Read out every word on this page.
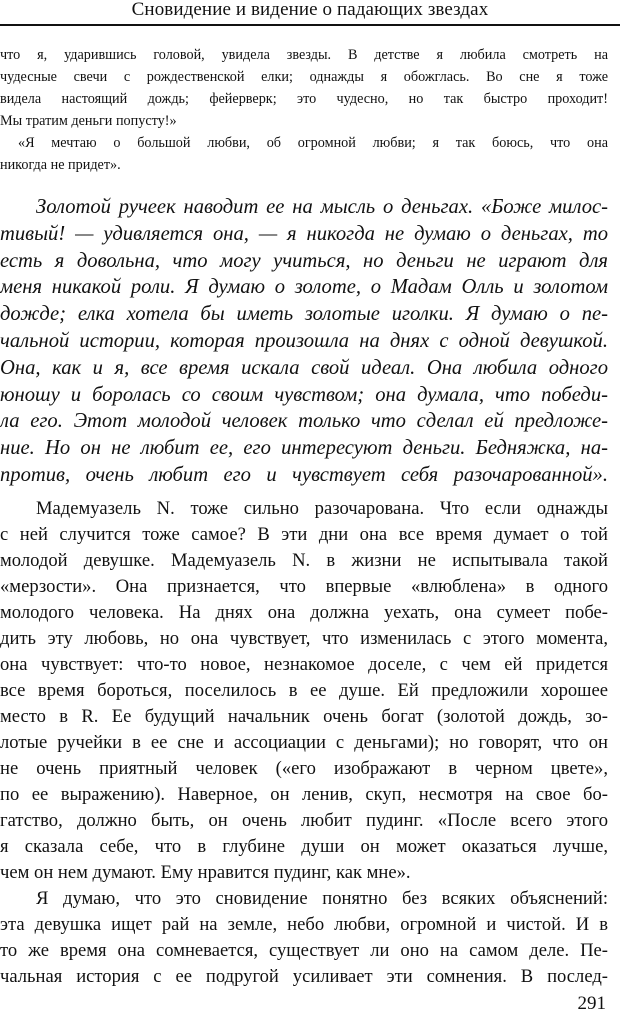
Сновидение и видение о падающих звездах
что я, ударившись головой, увидела звезды. В детстве я любила смотреть на
чудесные свечи с рождественской елки; однажды я обожглась. Во сне я тоже
видела настоящий дождь; фейерверк; это чудесно, но так быстро проходит!
Мы тратим деньги попусту!»
«Я мечтаю о большой любви, об огромной любви; я так боюсь, что она
никогда не придет».
Золотой ручеек наводит ее на мысль о деньгах. «Боже милос-
тивый! — удивляется она, — я никогда не думаю о деньгах, то
есть я довольна, что могу учиться, но деньги не играют для
меня никакой роли. Я думаю о золоте, о Мадам Олль и золотом
дожде; елка хотела бы иметь золотые иголки. Я думаю о пе-
чальной истории, которая произошла на днях с одной девушкой.
Она, как и я, все время искала свой идеал. Она любила одного
юношу и боролась со своим чувством; она думала, что победи-
ла его. Этот молодой человек только что сделал ей предложе-
ние. Но он не любит ее, его интересуют деньги. Бедняжка, на-
против, очень любит его и чувствует себя разочарованной».
Мадемуазель N. тоже сильно разочарована. Что если однажды
с ней случится тоже самое? В эти дни она все время думает о той
молодой девушке. Мадемуазель N. в жизни не испытывала такой
«мерзости». Она признается, что впервые «влюблена» в одного
молодого человека. На днях она должна уехать, она сумеет побе-
дить эту любовь, но она чувствует, что изменилась с этого момента,
она чувствует: что-то новое, незнакомое доселе, с чем ей придется
все время бороться, поселилось в ее душе. Ей предложили хорошее
место в R. Ее будущий начальник очень богат (золотой дождь, зо-
лотые ручейки в ее сне и ассоциации с деньгами); но говорят, что он
не очень приятный человек («его изображают в черном цвете»,
по ее выражению). Наверное, он ленив, скуп, несмотря на свое бо-
гатство, должно быть, он очень любит пудинг. «После всего этого
я сказала себе, что в глубине души он может оказаться лучше,
чем он нем думают. Ему нравится пудинг, как мне».
Я думаю, что это сновидение понятно без всяких объяснений:
эта девушка ищет рай на земле, небо любви, огромной и чистой. И в
то же время она сомневается, существует ли оно на самом деле. Пе-
чальная история с ее подругой усиливает эти сомнения. В послед-
291
